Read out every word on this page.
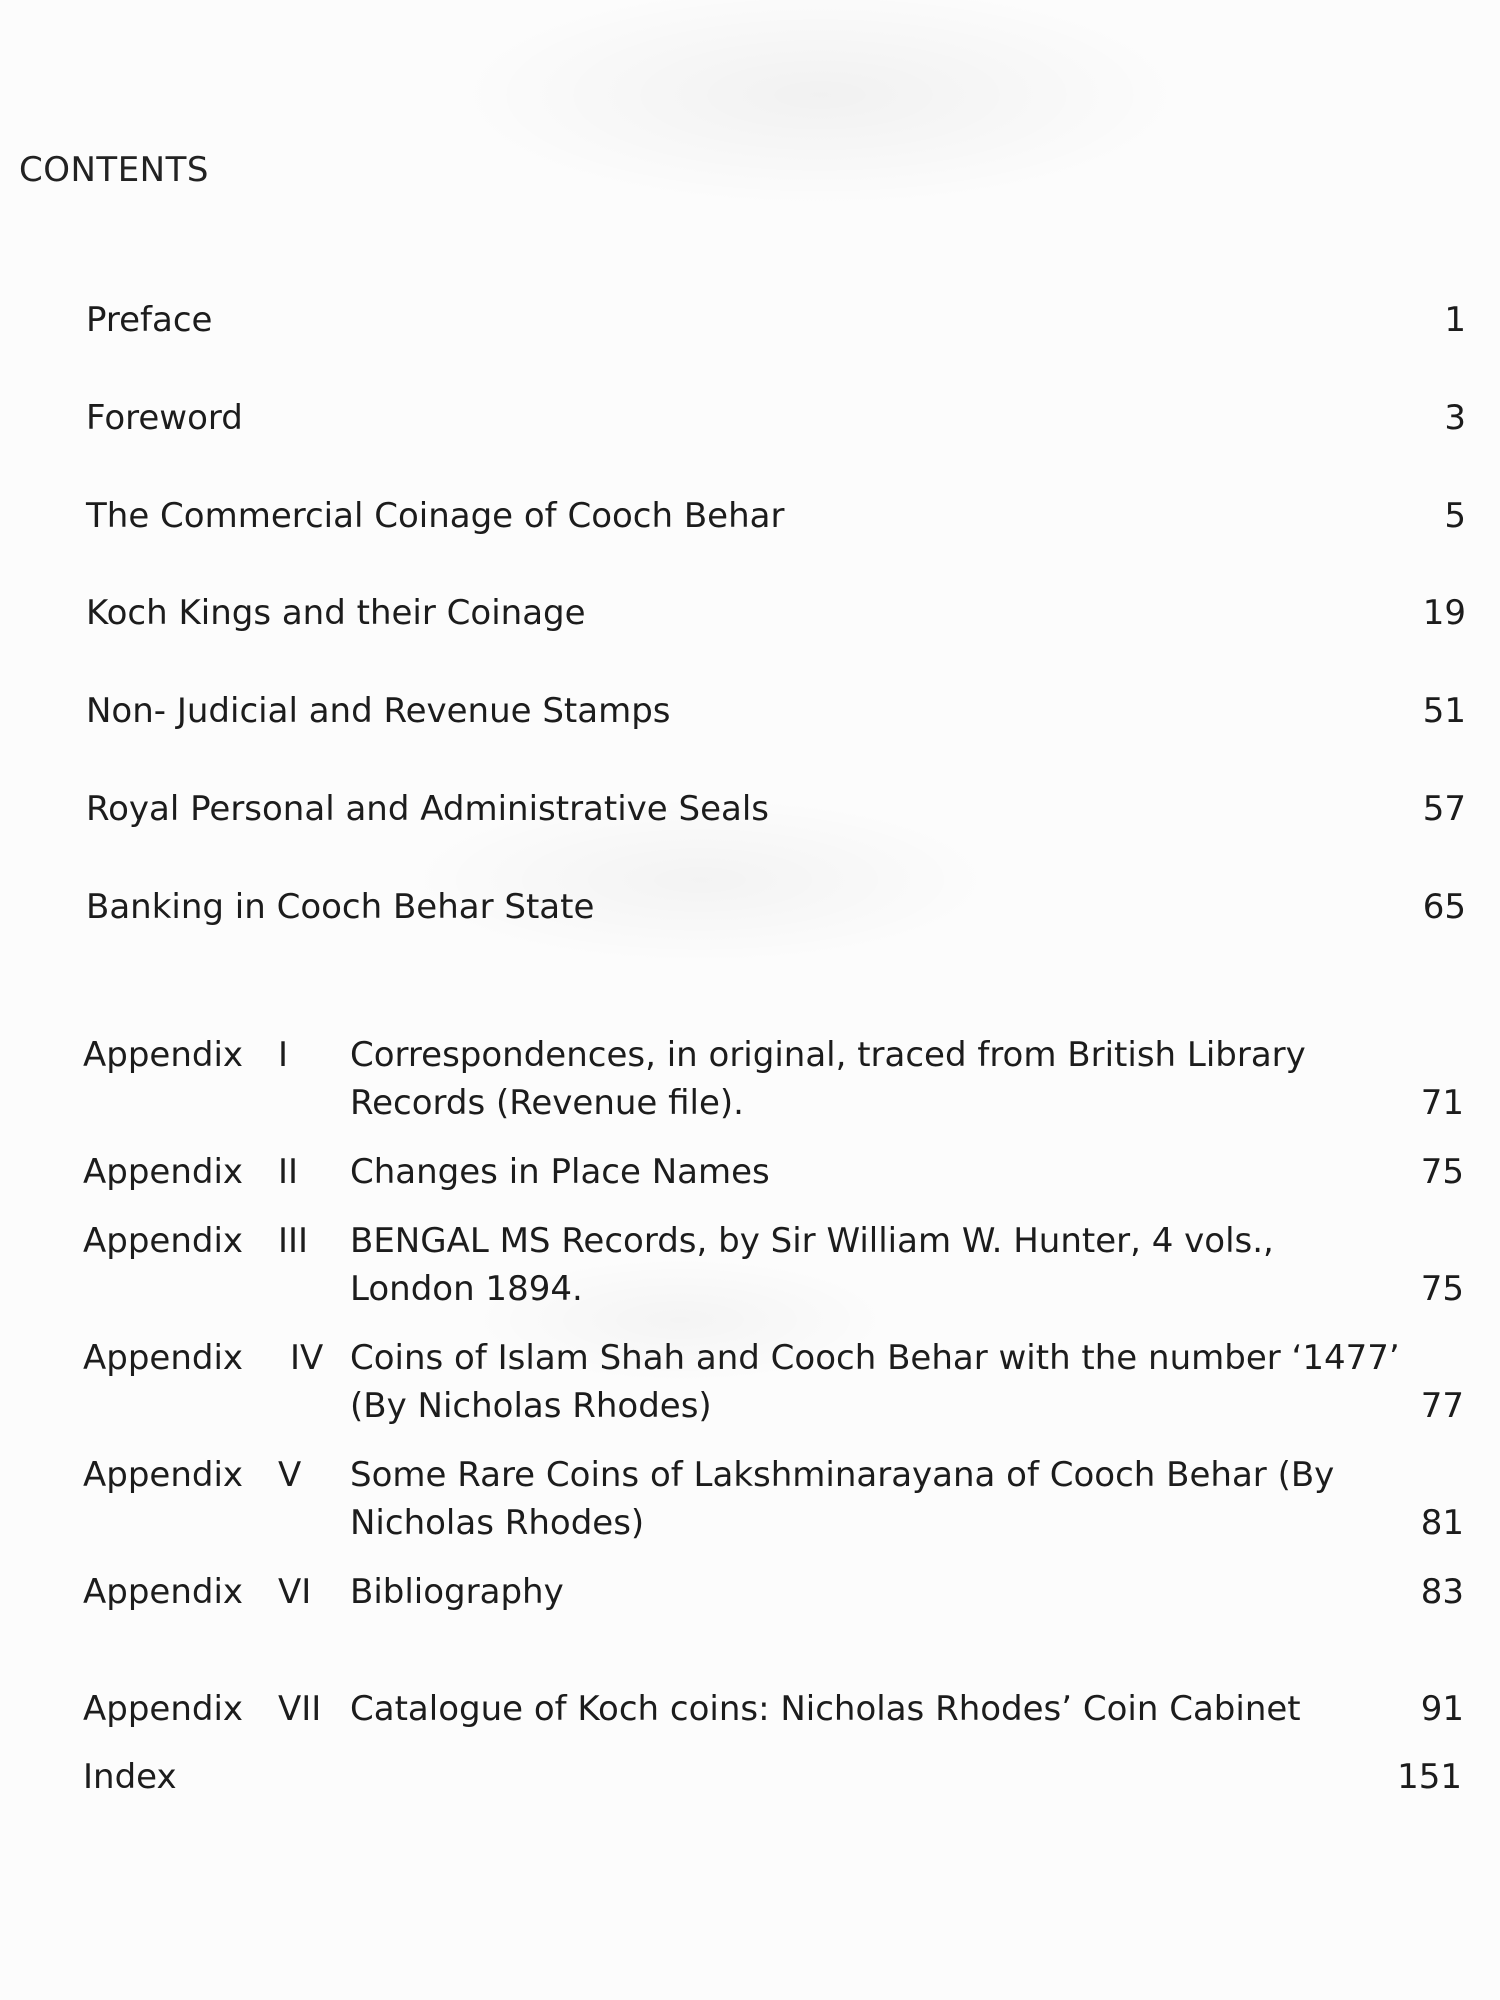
CONTENTS
Preface	1
Foreword	3
The Commercial Coinage of Cooch Behar	5
Koch Kings and their Coinage	19
Non- Judicial and Revenue Stamps	51
Royal Personal and Administrative Seals	57
Banking in Cooch Behar State	65
Appendix I Correspondences, in original, traced from British Library
Records (Revenue file).	71
Appendix II Changes in Place Names	75
Appendix III BENGAL MS Records, by Sir William W. Hunter, 4 vols.,
London 1894.	75
Appendix IV Coins of Islam Shah and Cooch Behar with the number ‘1477’
(By Nicholas Rhodes)	77
Appendix V Some Rare Coins of Lakshminarayana of Cooch Behar (By
Nicholas Rhodes)	81
Appendix VI Bibliography	83
Appendix VII Catalogue of Koch coins: Nicholas Rhodes’ Coin Cabinet	91
Index	151
